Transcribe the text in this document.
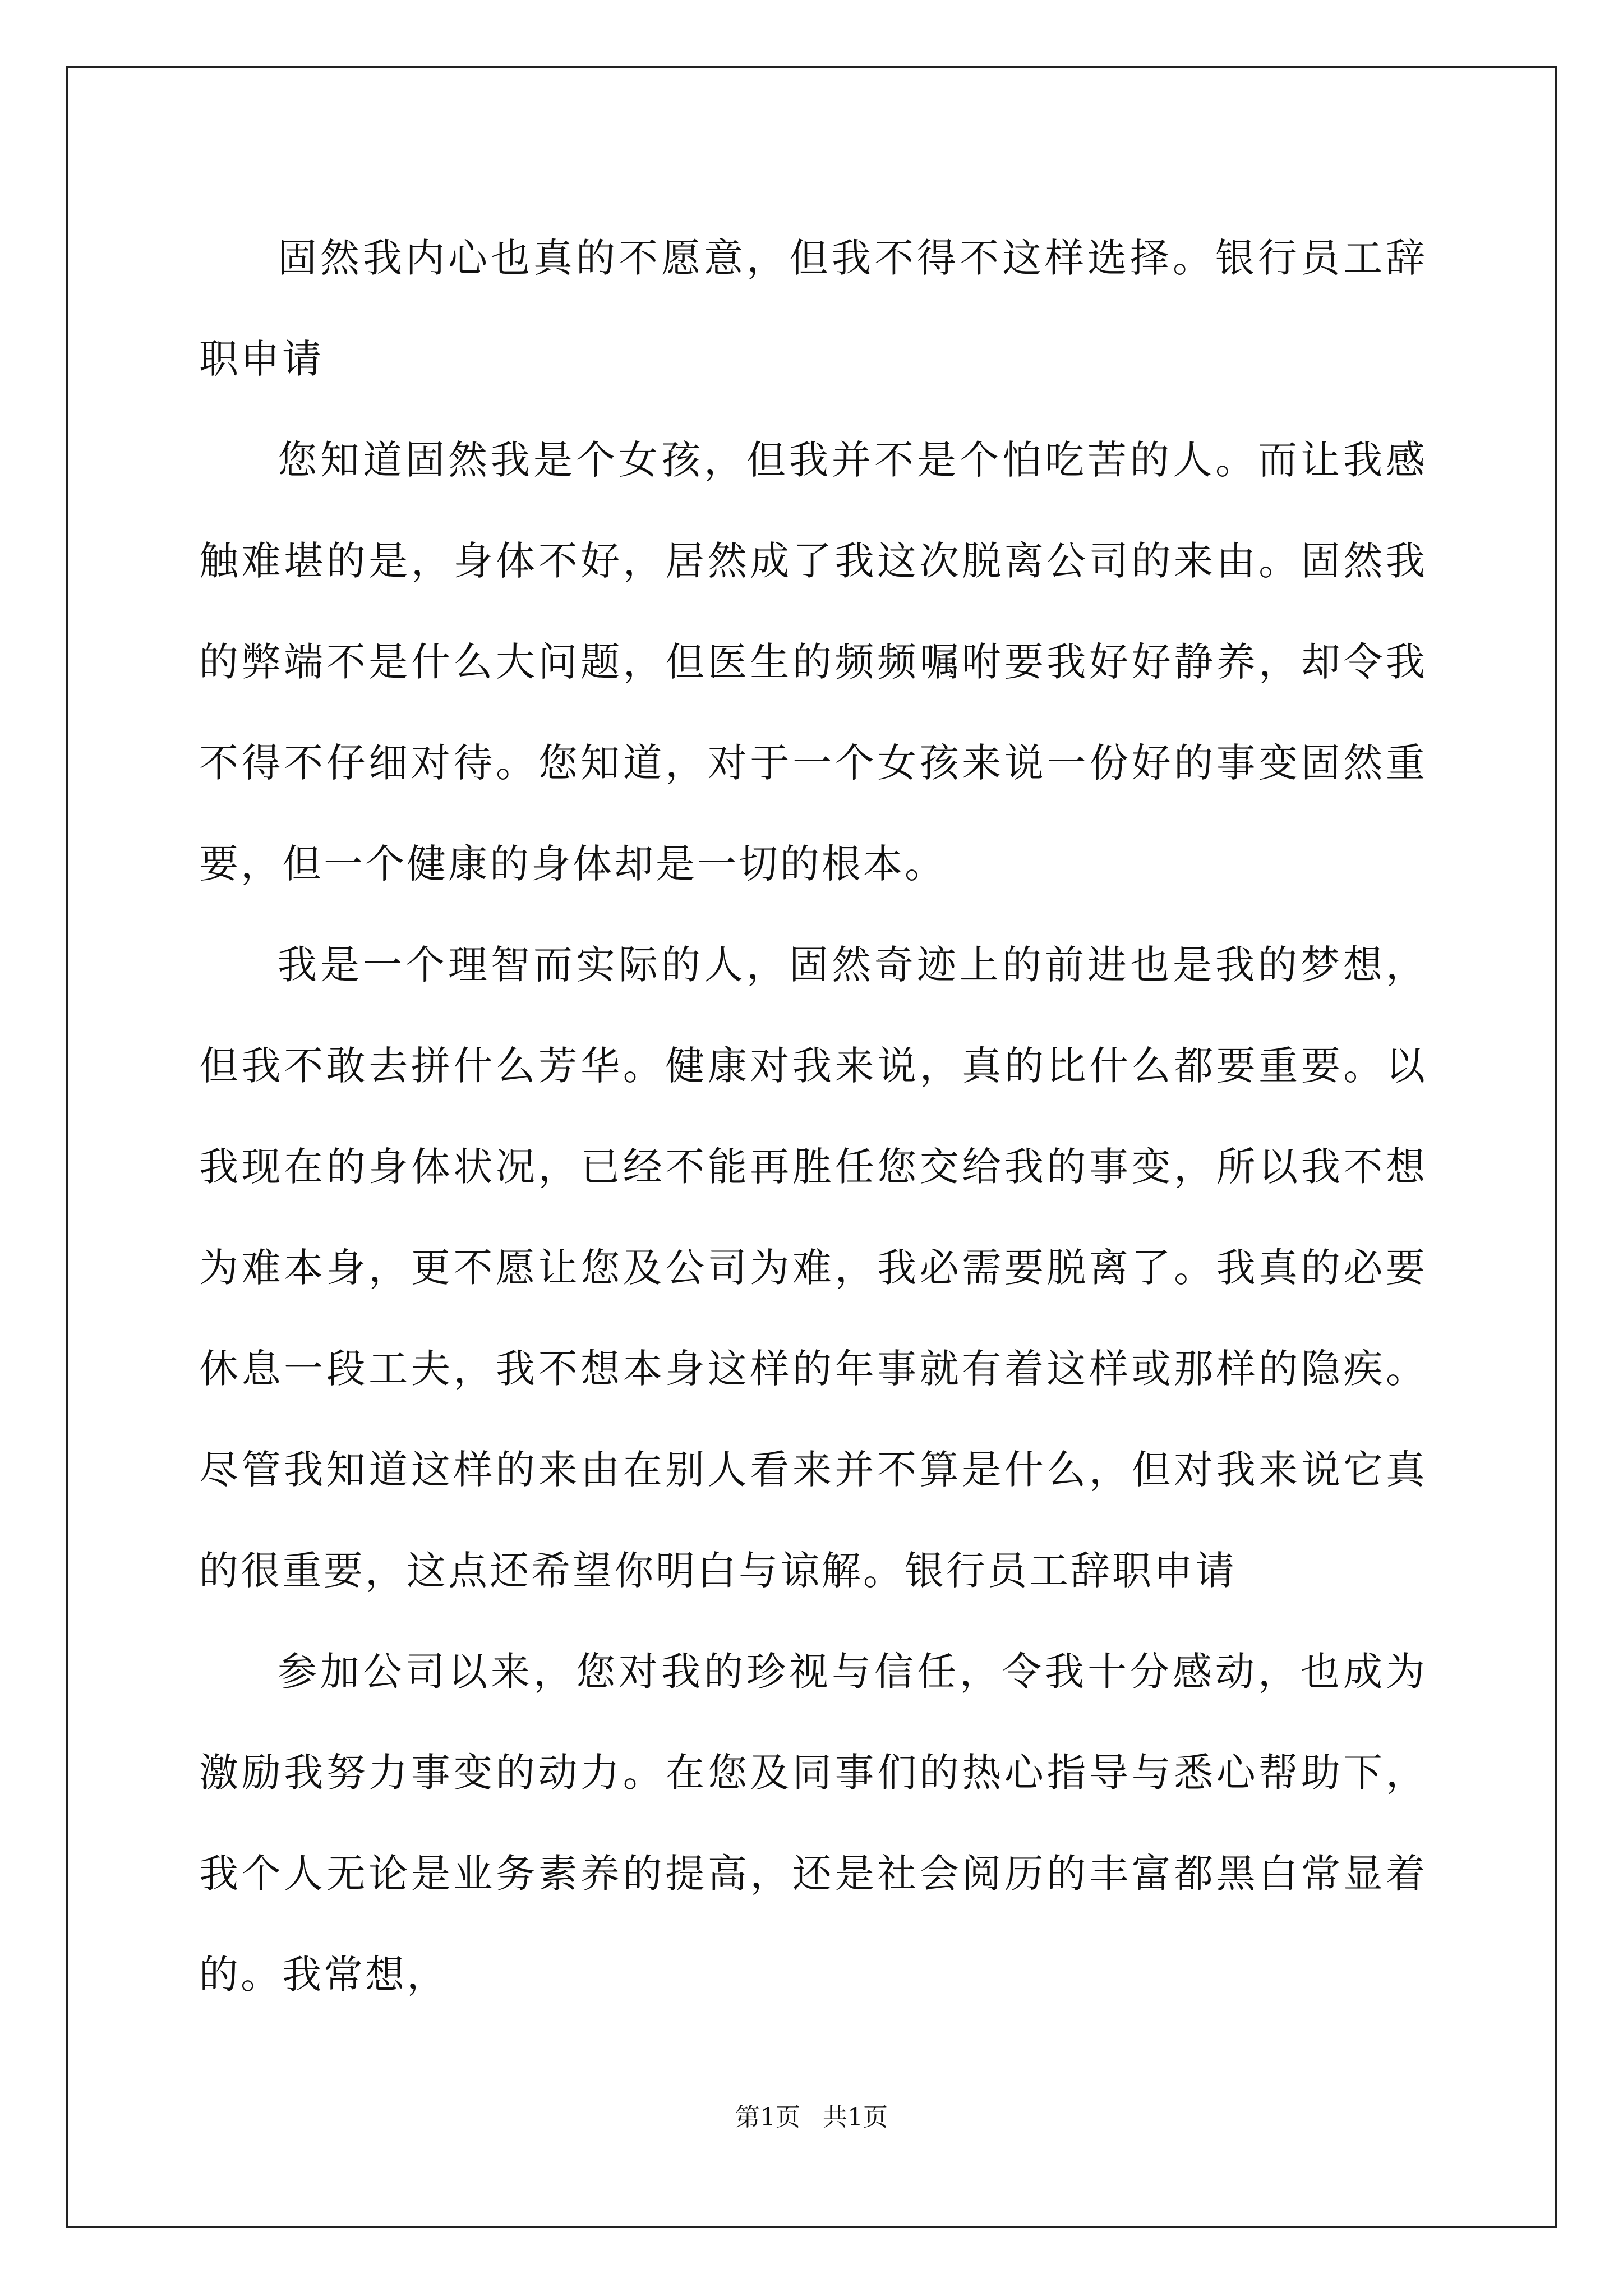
固然我内心也真的不愿意，但我不得不这样选择。银行员工辞职申请

您知道固然我是个女孩，但我并不是个怕吃苦的人。而让我感触难堪的是，身体不好，居然成了我这次脱离公司的来由。固然我的弊端不是什么大问题，但医生的频频嘱咐要我好好静养，却令我不得不仔细对待。您知道，对于一个女孩来说一份好的事变固然重要，但一个健康的身体却是一切的根本。

我是一个理智而实际的人，固然奇迹上的前进也是我的梦想，但我不敢去拼什么芳华。健康对我来说，真的比什么都要重要。以我现在的身体状况，已经不能再胜任您交给我的事变，所以我不想为难本身，更不愿让您及公司为难，我必需要脱离了。我真的必要休息一段工夫，我不想本身这样的年事就有着这样或那样的隐疾。尽管我知道这样的来由在别人看来并不算是什么，但对我来说它真的很重要，这点还希望你明白与谅解。银行员工辞职申请

参加公司以来，您对我的珍视与信任，令我十分感动，也成为激励我努力事变的动力。在您及同事们的热心指导与悉心帮助下，我个人无论是业务素养的提高，还是社会阅历的丰富都黑白常显着的。我常想，

第1页 共1页
